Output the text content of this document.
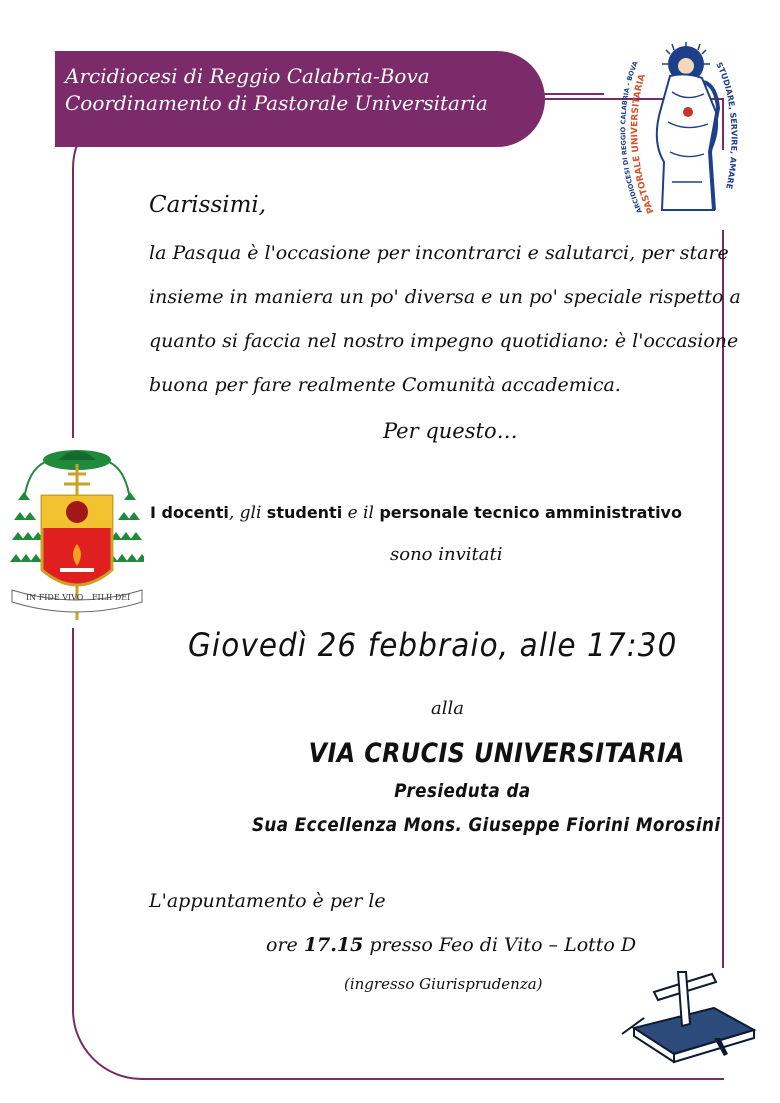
Arcidiocesi di Reggio Calabria-Bova
Coordinamento di Pastorale Universitaria
ARCIDIOCESI DI REGGIO CALABRIA - BOVA
PASTORALE UNIVERSITARIA
STUDIARE, SERVIRE, AMARE
IN FIDE VIVO FILII DEI
Carissimi,
la Pasqua è l'occasione per incontrarci e salutarci, per stare
insieme in maniera un po' diversa e un po' speciale rispetto a
quanto si faccia nel nostro impegno quotidiano: è l'occasione
buona per fare realmente Comunità accademica.
Per questo…
I docenti, gli studenti e il personale tecnico amministrativo
sono invitati
Giovedì 26 febbraio, alle 17:30
alla
VIA CRUCIS UNIVERSITARIA
Presieduta da
Sua Eccellenza Mons. Giuseppe Fiorini Morosini
L'appuntamento è per le
ore 17.15 presso Feo di Vito – Lotto D
(ingresso Giurisprudenza)
